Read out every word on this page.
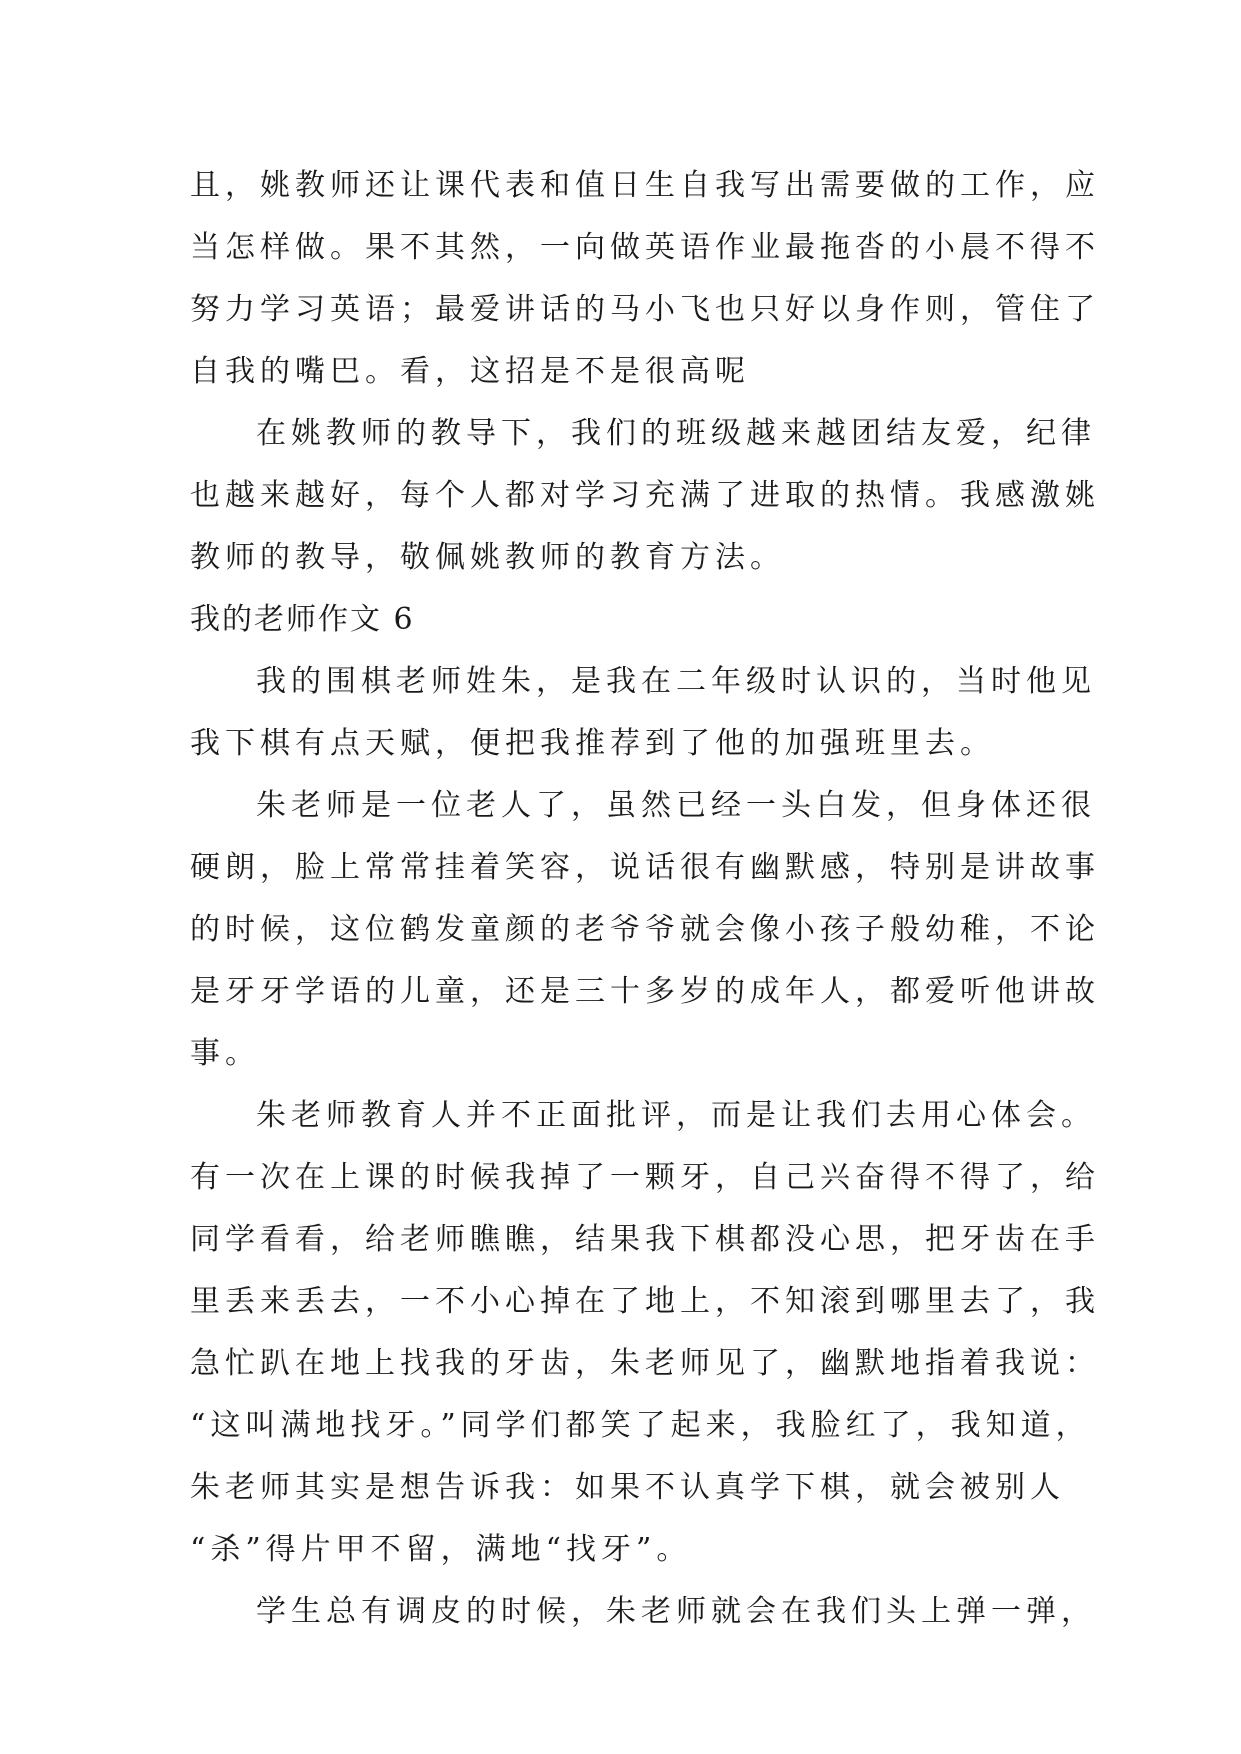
且，姚教师还让课代表和值日生自我写出需要做的工作，应
当怎样做。果不其然，一向做英语作业最拖沓的小晨不得不
努力学习英语；最爱讲话的马小飞也只好以身作则，管住了
自我的嘴巴。看，这招是不是很高呢
在姚教师的教导下，我们的班级越来越团结友爱，纪律
也越来越好，每个人都对学习充满了进取的热情。我感激姚
教师的教导，敬佩姚教师的教育方法。
我的老师作文 6
我的围棋老师姓朱，是我在二年级时认识的，当时他见
我下棋有点天赋，便把我推荐到了他的加强班里去。
朱老师是一位老人了，虽然已经一头白发，但身体还很
硬朗，脸上常常挂着笑容，说话很有幽默感，特别是讲故事
的时候，这位鹤发童颜的老爷爷就会像小孩子般幼稚，不论
是牙牙学语的儿童，还是三十多岁的成年人，都爱听他讲故
事。
朱老师教育人并不正面批评，而是让我们去用心体会。
有一次在上课的时候我掉了一颗牙，自己兴奋得不得了，给
同学看看，给老师瞧瞧，结果我下棋都没心思，把牙齿在手
里丢来丢去，一不小心掉在了地上，不知滚到哪里去了，我
急忙趴在地上找我的牙齿，朱老师见了，幽默地指着我说：
“这叫满地找牙。”同学们都笑了起来，我脸红了，我知道，
朱老师其实是想告诉我：如果不认真学下棋，就会被别人
“杀”得片甲不留，满地“找牙”。
学生总有调皮的时候，朱老师就会在我们头上弹一弹，
